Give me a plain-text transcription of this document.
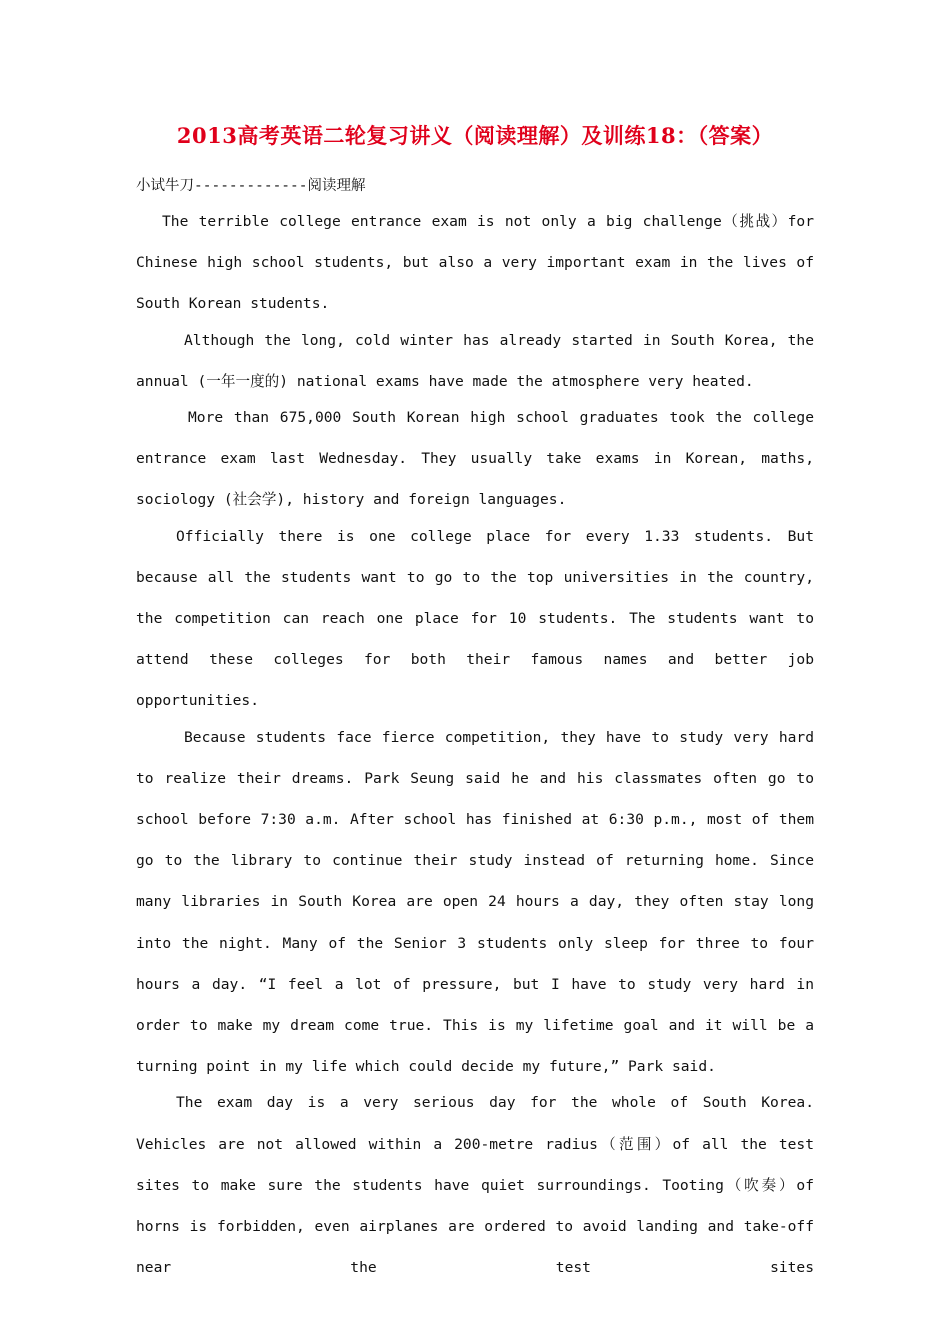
2013高考英语二轮复习讲义（阅读理解）及训练18：（答案）
小试牛刀-------------阅读理解

The terrible college entrance exam is not only a big challenge（挑战）for Chinese high school students, but also a very important exam in the lives of South Korean students.

Although the long, cold winter has already started in South Korea, the annual (一年一度的) national exams have made the atmosphere very heated.

More than 675,000 South Korean high school graduates took the college entrance exam last Wednesday. They usually take exams in Korean, maths, sociology (社会学), history and foreign languages.

Officially there is one college place for every 1.33 students. But because all the students want to go to the top universities in the country, the competition can reach one place for 10 students. The students want to attend these colleges for both their famous names and better job opportunities.

Because students face fierce competition, they have to study very hard to realize their dreams. Park Seung said he and his classmates often go to school before 7:30 a.m. After school has finished at 6:30 p.m., most of them go to the library to continue their study instead of returning home. Since many libraries in South Korea are open 24 hours a day, they often stay long into the night. Many of the Senior 3 students only sleep for three to four hours a day. “I feel a lot of pressure, but I have to study very hard in order to make my dream come true. This is my lifetime goal and it will be a turning point in my life which could decide my future,” Park said.

The exam day is a very serious day for the whole of South Korea. Vehicles are not allowed within a 200-metre radius（范围）of all the test sites to make sure the students have quiet surroundings. Tooting（吹奏）of horns is forbidden, even airplanes are ordered to avoid landing and take-off near the test sites
